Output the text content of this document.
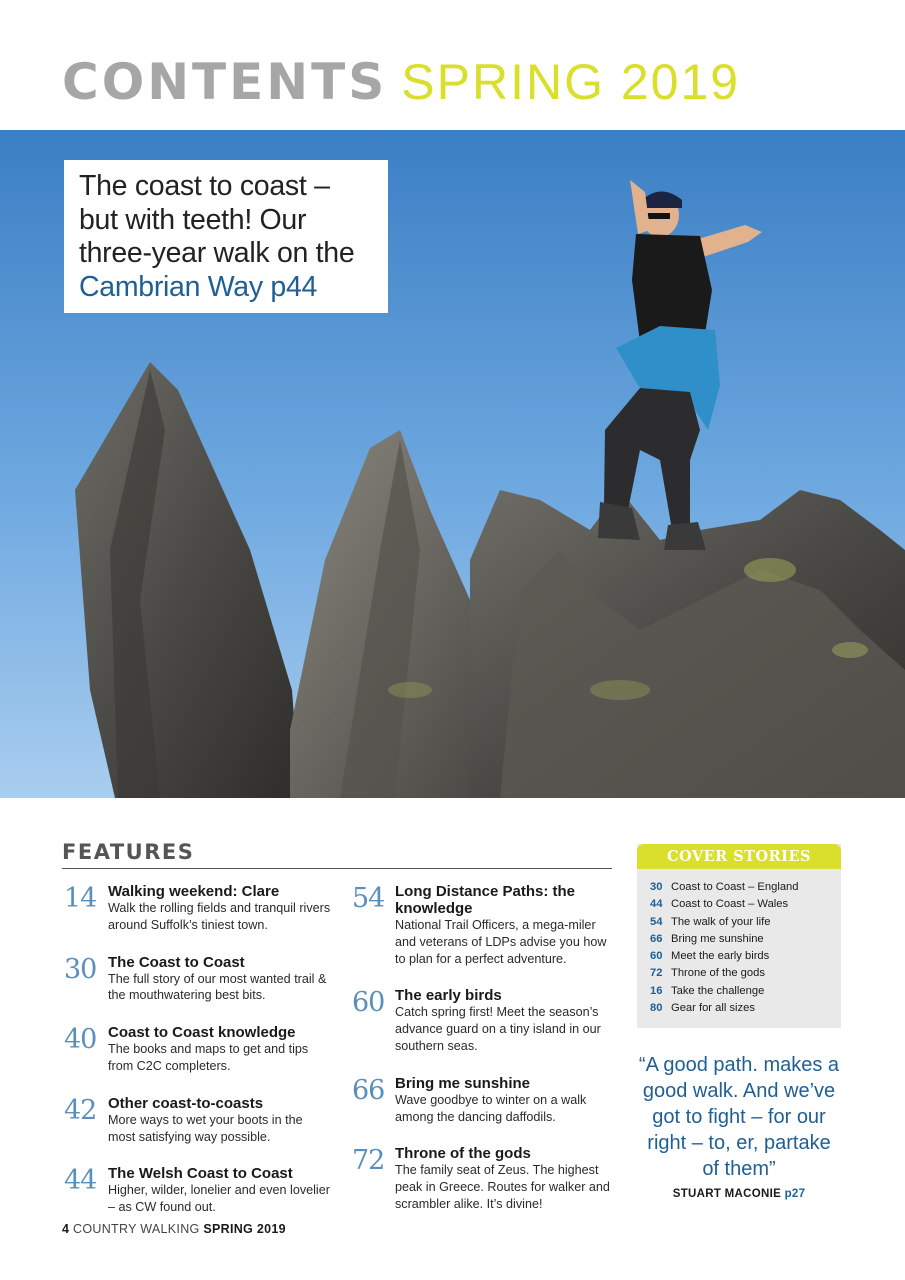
CONTENTS SPRING 2019
The coast to coast –
but with teeth! Our
three-year walk on the
Cambrian Way p44
FEATURES
14 Walking weekend: Clare
Walk the rolling fields and tranquil rivers around Suffolk’s tiniest town.
30 The Coast to Coast
The full story of our most wanted trail & the mouthwatering best bits.
40 Coast to Coast knowledge
The books and maps to get and tips from C2C completers.
42 Other coast-to-coasts
More ways to wet your boots in the most satisfying way possible.
44 The Welsh Coast to Coast
Higher, wilder, lonelier and even lovelier – as CW found out.
54 Long Distance Paths: the knowledge
National Trail Officers, a mega-miler and veterans of LDPs advise you how to plan for a perfect adventure.
60 The early birds
Catch spring first! Meet the season’s advance guard on a tiny island in our southern seas.
66 Bring me sunshine
Wave goodbye to winter on a walk among the dancing daffodils.
72 Throne of the gods
The family seat of Zeus. The highest peak in Greece. Routes for walker and scrambler alike. It’s divine!
COVER STORIES
30 Coast to Coast – England
44 Coast to Coast – Wales
54 The walk of your life
66 Bring me sunshine
60 Meet the early birds
72 Throne of the gods
16 Take the challenge
80 Gear for all sizes
“A good path. makes a good walk. And we’ve got to fight – for our right – to, er, partake of them”
STUART MACONIE p27
4 COUNTRY WALKING SPRING 2019
